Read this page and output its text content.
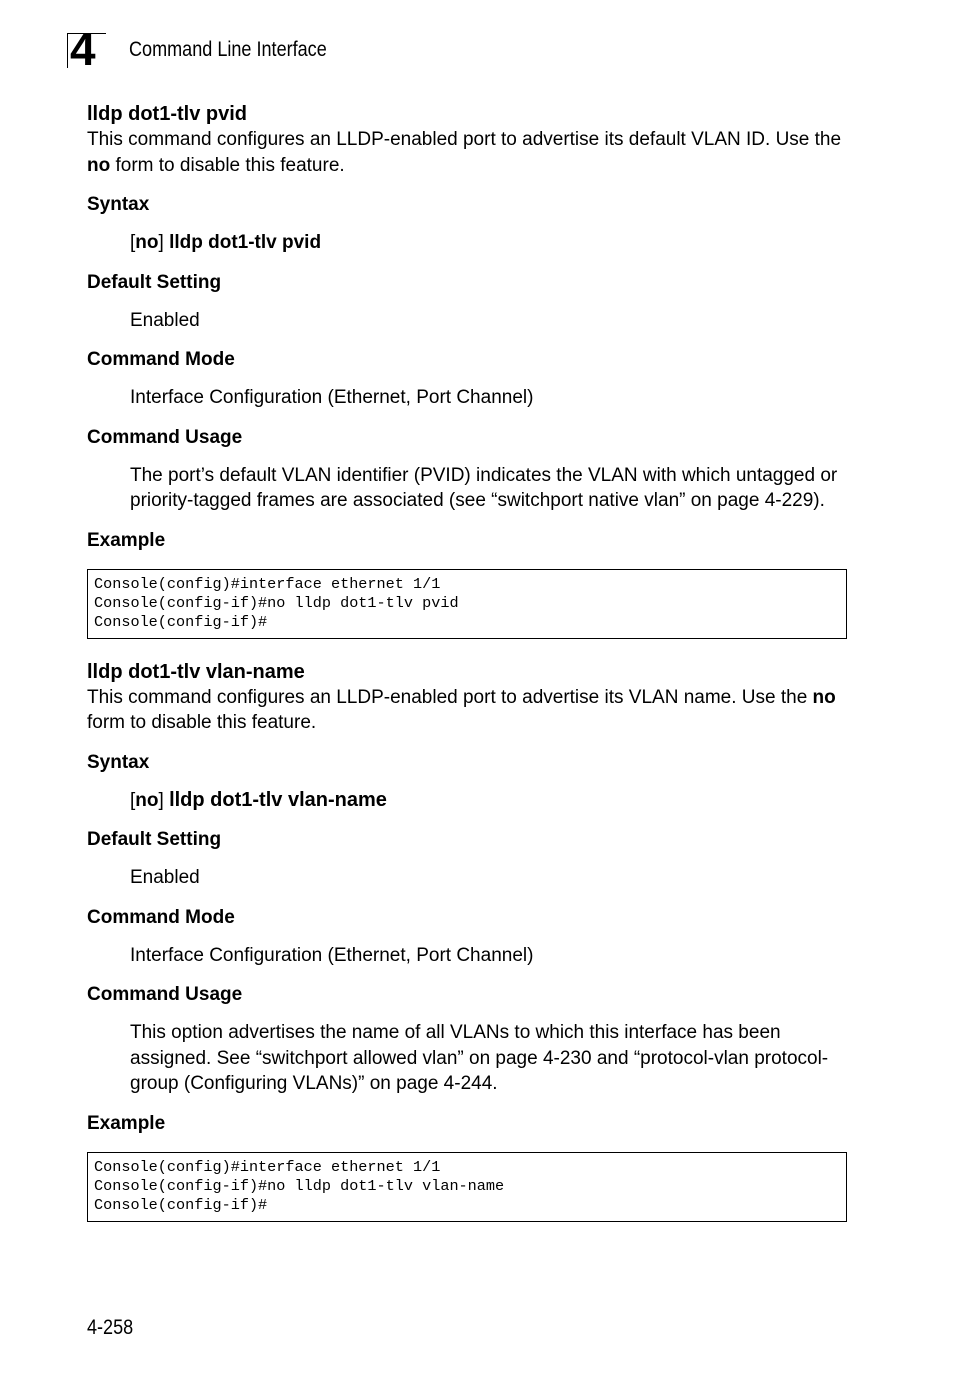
4 Command Line Interface
lldp dot1-tlv pvid

This command configures an LLDP-enabled port to advertise its default VLAN ID. Use the no form to disable this feature.

Syntax
[no] lldp dot1-tlv pvid
Default Setting
Enabled
Command Mode
Interface Configuration (Ethernet, Port Channel)
Command Usage
The port’s default VLAN identifier (PVID) indicates the VLAN with which untagged or priority-tagged frames are associated (see “switchport native vlan” on page 4-229).
Example
Console(config)#interface ethernet 1/1
Console(config-if)#no lldp dot1-tlv pvid
Console(config-if)#
lldp dot1-tlv vlan-name

This command configures an LLDP-enabled port to advertise its VLAN name. Use the no form to disable this feature.

Syntax
[no] lldp dot1-tlv vlan-name
Default Setting
Enabled
Command Mode
Interface Configuration (Ethernet, Port Channel)
Command Usage
This option advertises the name of all VLANs to which this interface has been assigned. See “switchport allowed vlan” on page 4-230 and “protocol-vlan protocol-group (Configuring VLANs)” on page 4-244.
Example
Console(config)#interface ethernet 1/1
Console(config-if)#no lldp dot1-tlv vlan-name
Console(config-if)#
4-258
